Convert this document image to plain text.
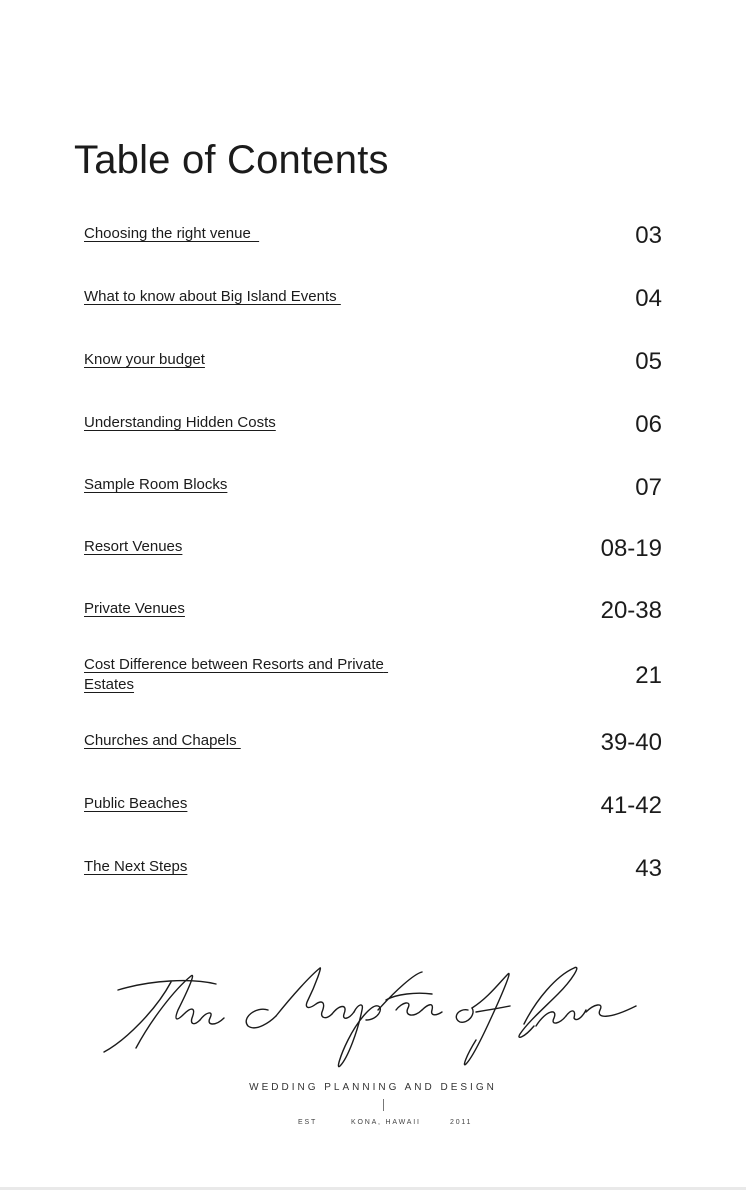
Table of Contents
Choosing the right venue	03
What to know about Big Island Events	04
Know your budget	05
Understanding Hidden Costs	06
Sample Room Blocks	07
Resort Venues	08-19
Private Venues	20-38
Cost Difference between Resorts and Private Estates	21
Churches and Chapels	39-40
Public Beaches	41-42
The Next Steps	43
WEDDING PLANNING AND DESIGN
EST	KONA, HAWAII	2011
